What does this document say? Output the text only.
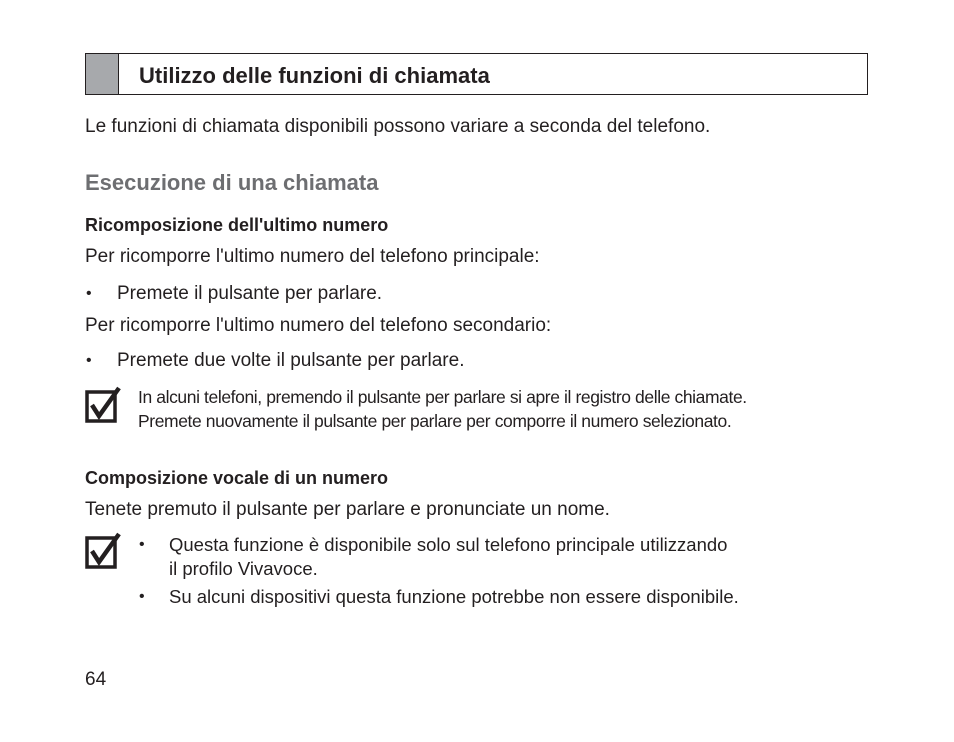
Utilizzo delle funzioni di chiamata
Le funzioni di chiamata disponibili possono variare a seconda del telefono.
Esecuzione di una chiamata
Ricomposizione dell'ultimo numero
Per ricomporre l'ultimo numero del telefono principale:
• Premete il pulsante per parlare.
Per ricomporre l'ultimo numero del telefono secondario:
• Premete due volte il pulsante per parlare.
In alcuni telefoni, premendo il pulsante per parlare si apre il registro delle chiamate.
Premete nuovamente il pulsante per parlare per comporre il numero selezionato.
Composizione vocale di un numero
Tenete premuto il pulsante per parlare e pronunciate un nome.
• Questa funzione è disponibile solo sul telefono principale utilizzando
il profilo Vivavoce.
• Su alcuni dispositivi questa funzione potrebbe non essere disponibile.
64
